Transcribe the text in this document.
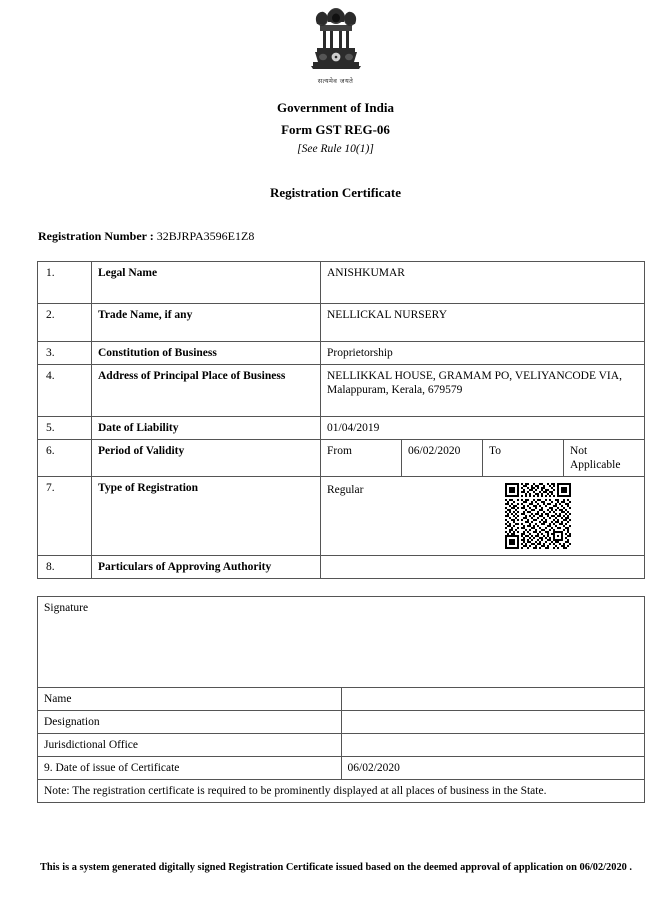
सत्यमेव जयते
Government of India
Form GST REG-06
[See Rule 10(1)]
Registration Certificate
Registration Number : 32BJRPA3596E1Z8
1.	Legal Name	ANISHKUMAR			
2.	Trade Name, if any	NELLICKAL NURSERY			
3.	Constitution of Business	Proprietorship			
4.	Address of Principal Place of Business	NELLIKKAL HOUSE, GRAMAM PO, VELIYANCODE VIA,
Malappuram, Kerala, 679579			

5.	Date of Liability	01/04/2019			
6.	Period of Validity	From	06/02/2020	To	Not Applicable
7.	Type of Registration	Regular			

8.	Particulars of Approving Authority				
Signature	
Name	
Designation	
Jurisdictional Office	
9. Date of issue of Certificate	06/02/2020
Note: The registration certificate is required to be prominently displayed at all places of business in the State.	
This is a system generated digitally signed Registration Certificate issued based on the deemed approval of application on 06/02/2020 .
